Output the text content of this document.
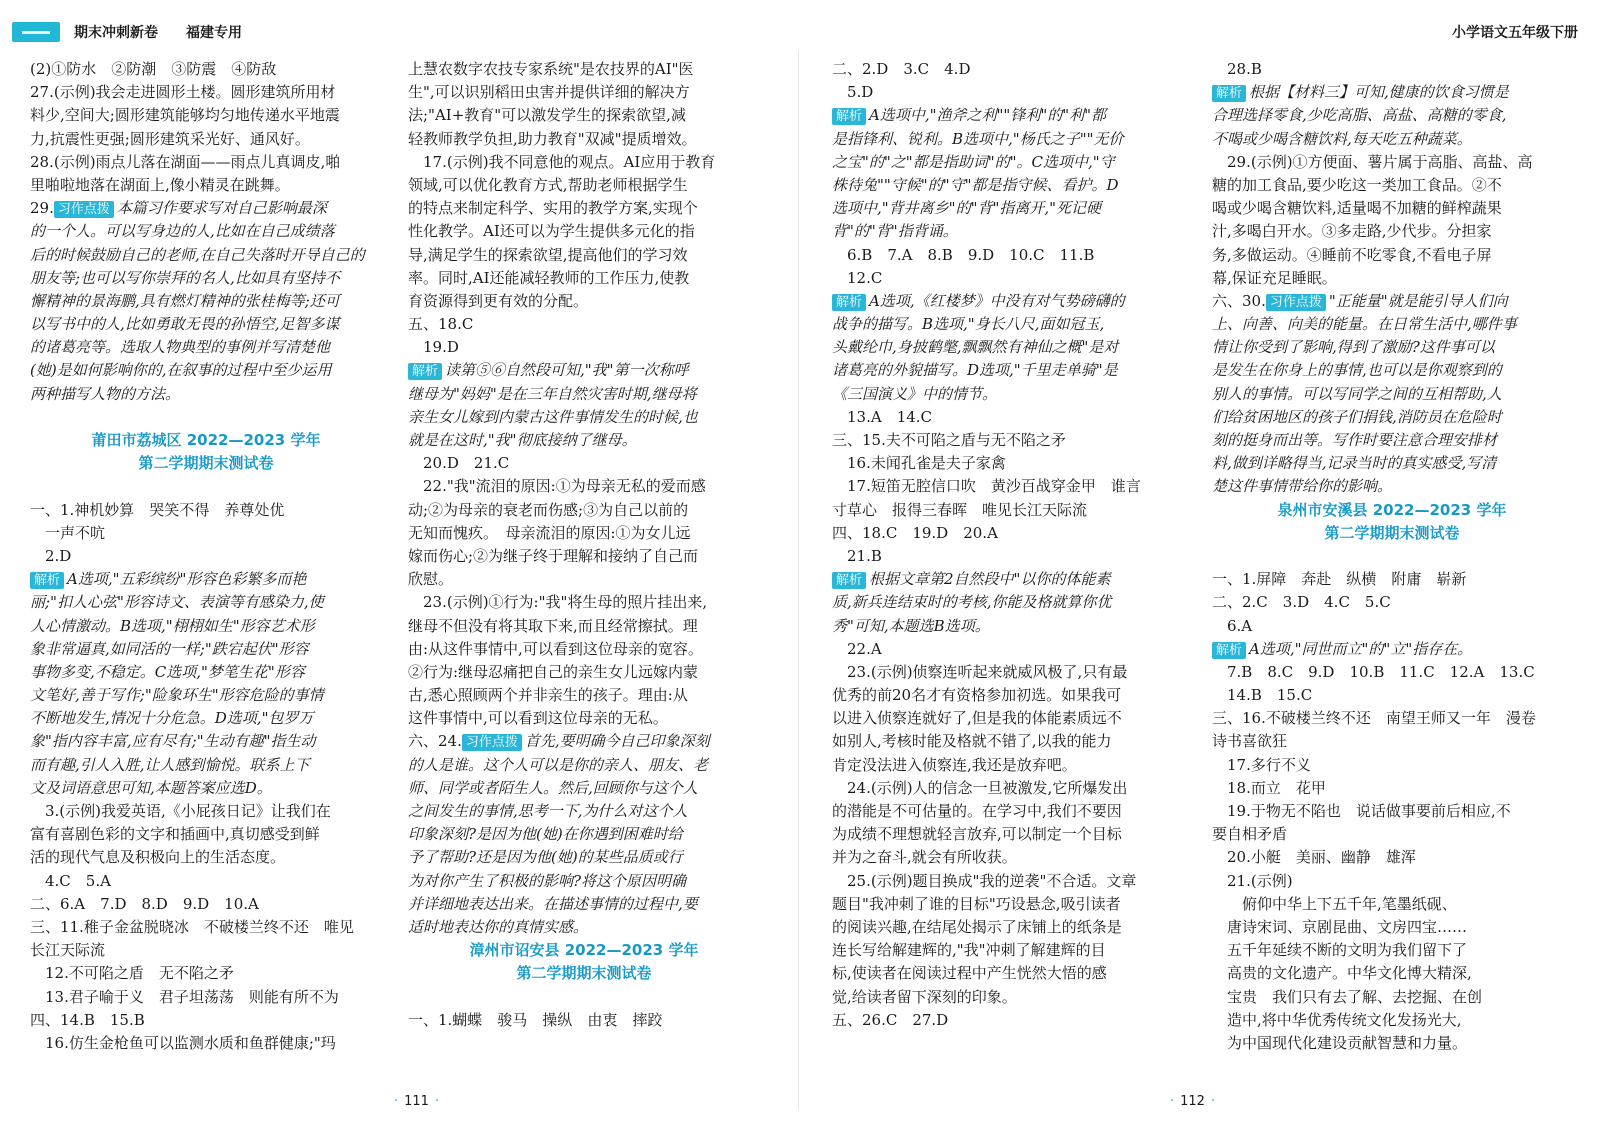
期末冲刺新卷 福建专用	小学语文五年级下册
(2)①防水　②防潮　③防震　④防敌
27.(示例)我会走进圆形土楼。圆形建筑所用材
料少,空间大;圆形建筑能够均匀地传递水平地震
力,抗震性更强;圆形建筑采光好、通风好。
28.(示例)雨点儿落在湖面——雨点儿真调皮,啪
里啪啦地落在湖面上,像小精灵在跳舞。
29. 习作点拨 本篇习作要求写对自己影响最深
的一个人。可以写身边的人,比如在自己成绩落
后的时候鼓励自己的老师,在自己失落时开导自己的
朋友等;也可以写你崇拜的名人,比如具有坚持不
懈精神的景海鹏,具有燃灯精神的张桂梅等;还可
以写书中的人,比如勇敢无畏的孙悟空,足智多谋
的诸葛亮等。选取人物典型的事例并写清楚他
(她)是如何影响你的,在叙事的过程中至少运用
两种描写人物的方法。
莆田市荔城区 2022—2023 学年
第二学期期末测试卷
一、1.神机妙算　哭笑不得　养尊处优
　一声不吭
　2.D
解析 A选项,"五彩缤纷"形容色彩繁多而艳
丽;"扣人心弦"形容诗文、表演等有感染力,使
人心情激动。B选项,"栩栩如生"形容艺术形
象非常逼真,如同活的一样;"跌宕起伏"形容
事物多变,不稳定。C选项,"梦笔生花"形容
文笔好,善于写作;"险象环生"形容危险的事情
不断地发生,情况十分危急。D选项,"包罗万
象"指内容丰富,应有尽有;"生动有趣"指生动
而有趣,引人入胜,让人感到愉悦。联系上下
文及词语意思可知,本题答案应选D。
　3.(示例)我爱英语,《小屁孩日记》让我们在
富有喜剧色彩的文字和插画中,真切感受到鲜
活的现代气息及积极向上的生活态度。
　4.C　5.A
二、6.A　7.D　8.D　9.D　10.A
三、11.稚子金盆脱晓冰　不破楼兰终不还　唯见
长江天际流
　12.不可陷之盾　无不陷之矛
　13.君子喻于义　君子坦荡荡　则能有所不为
四、14.B　15.B
　16.仿生金枪鱼可以监测水质和鱼群健康;"玛
上慧农数字农技专家系统"是农技界的AI"医
生",可以识别稻田虫害并提供详细的解决方
法;"AI+教育"可以激发学生的探索欲望,减
轻教师教学负担,助力教育"双减"提质增效。
　17.(示例)我不同意他的观点。AI应用于教育
领域,可以优化教育方式,帮助老师根据学生
的特点来制定科学、实用的教学方案,实现个
性化教学。AI还可以为学生提供多元化的指
导,满足学生的探索欲望,提高他们的学习效
率。同时,AI还能减轻教师的工作压力,使教
育资源得到更有效的分配。
五、18.C
　19.D
解析 读第⑤⑥自然段可知,"我"第一次称呼
继母为"妈妈"是在三年自然灾害时期,继母将
亲生女儿嫁到内蒙古这件事情发生的时候,也
就是在这时,"我"彻底接纳了继母。
　20.D　21.C
　22."我"流泪的原因:①为母亲无私的爱而感
动;②为母亲的衰老而伤感;③为自己以前的
无知而愧疚。　母亲流泪的原因:①为女儿远
嫁而伤心;②为继子终于理解和接纳了自己而
欣慰。
　23.(示例)①行为:"我"将生母的照片挂出来,
继母不但没有将其取下来,而且经常擦拭。理
由:从这件事情中,可以看到这位母亲的宽容。
②行为:继母忍痛把自己的亲生女儿远嫁内蒙
古,悉心照顾两个并非亲生的孩子。理由:从
这件事情中,可以看到这位母亲的无私。
六、24. 习作点拨 首先,要明确今自己印象深刻
的人是谁。这个人可以是你的亲人、朋友、老
师、同学或者陌生人。然后,回顾你与这个人
之间发生的事情,思考一下,为什么对这个人
印象深刻?是因为他(她)在你遇到困难时给
予了帮助?还是因为他(她)的某些品质或行
为对你产生了积极的影响?将这个原因明确
并详细地表达出来。在描述事情的过程中,要
适时地表达你的真情实感。
漳州市诏安县 2022—2023 学年
第二学期期末测试卷
一、1.蝴蝶　骏马　操纵　由衷　摔跤
二、2.D　3.C　4.D
　5.D
解析 A选项中,"渔斧之利""锋利"的"利"都
是指锋利、锐利。B选项中,"杨氏之子""无价
之宝"的"之"都是指助词"的"。C选项中,"守
株待兔""守候"的"守"都是指守候、看护。D
选项中,"背井离乡"的"背"指离开,"死记硬
背"的"背"指背诵。
　6.B　7.A　8.B　9.D　10.C　11.B
　12.C
解析 A选项,《红楼梦》中没有对气势磅礴的
战争的描写。B选项,"身长八尺,面如冠玉,
头戴纶巾,身披鹤氅,飘飘然有神仙之概"是对
诸葛亮的外貌描写。D选项,"千里走单骑"是
《三国演义》中的情节。
　13.A　14.C
三、15.夫不可陷之盾与无不陷之矛
　16.未闻孔雀是夫子家禽
　17.短笛无腔信口吹　黄沙百战穿金甲　谁言
寸草心　报得三春晖　唯见长江天际流
四、18.C　19.D　20.A
　21.B
解析 根据文章第2自然段中"以你的体能素
质,新兵连结束时的考核,你能及格就算你优
秀"可知,本题选B选项。
　22.A
　23.(示例)侦察连听起来就威风极了,只有最
优秀的前20名才有资格参加初选。如果我可
以进入侦察连就好了,但是我的体能素质远不
如别人,考核时能及格就不错了,以我的能力
肯定没法进入侦察连,我还是放弃吧。
　24.(示例)人的信念一旦被激发,它所爆发出
的潜能是不可估量的。在学习中,我们不要因
为成绩不理想就轻言放弃,可以制定一个目标
并为之奋斗,就会有所收获。
　25.(示例)题目换成"我的逆袭"不合适。文章
题目"我冲刺了谁的目标"巧设悬念,吸引读者
的阅读兴趣,在结尾处揭示了床铺上的纸条是
连长写给解建辉的,"我"冲刺了解建辉的目
标,使读者在阅读过程中产生恍然大悟的感
觉,给读者留下深刻的印象。
五、26.C　27.D
　28.B
解析 根据【材料三】可知,健康的饮食习惯是
合理选择零食,少吃高脂、高盐、高糖的零食,
不喝或少喝含糖饮料,每天吃五种蔬菜。
　29.(示例)①方便面、薯片属于高脂、高盐、高
糖的加工食品,要少吃这一类加工食品。②不
喝或少喝含糖饮料,适量喝不加糖的鲜榨蔬果
汁,多喝白开水。③多走路,少代步。分担家
务,多做运动。④睡前不吃零食,不看电子屏
幕,保证充足睡眠。
六、30. 习作点拨 "正能量"就是能引导人们向
上、向善、向美的能量。在日常生活中,哪件事
情让你受到了影响,得到了激励?这件事可以
是发生在你身上的事情,也可以是你观察到的
别人的事情。可以写同学之间的互相帮助,人
们给贫困地区的孩子们捐钱,消防员在危险时
刻的挺身而出等。写作时要注意合理安排材
料,做到详略得当,记录当时的真实感受,写清
楚这件事情带给你的影响。
泉州市安溪县 2022—2023 学年
第二学期期末测试卷
一、1.屏障　奔赴　纵横　附庸　崭新
二、2.C　3.D　4.C　5.C
　6.A
解析 A选项,"同世而立"的"立"指存在。
　7.B　8.C　9.D　10.B　11.C　12.A　13.C
　14.B　15.C
三、16.不破楼兰终不还　南望王师又一年　漫卷
诗书喜欲狂
　17.多行不义
　18.而立　花甲
　19.于物无不陷也　说话做事要前后相应,不
要自相矛盾
　20.小艇　美丽、幽静　雄浑
　21.(示例)
　　俯仰中华上下五千年,笔墨纸砚、
　唐诗宋词、京剧昆曲、文房四宝……
　五千年延续不断的文明为我们留下了
　高贵的文化遗产。中华文化博大精深,
　宝贵　我们只有去了解、去挖掘、在创
　造中,将中华优秀传统文化发扬光大,
　为中国现代化建设贡献智慧和力量。
· 111 ·
·	112 ·
